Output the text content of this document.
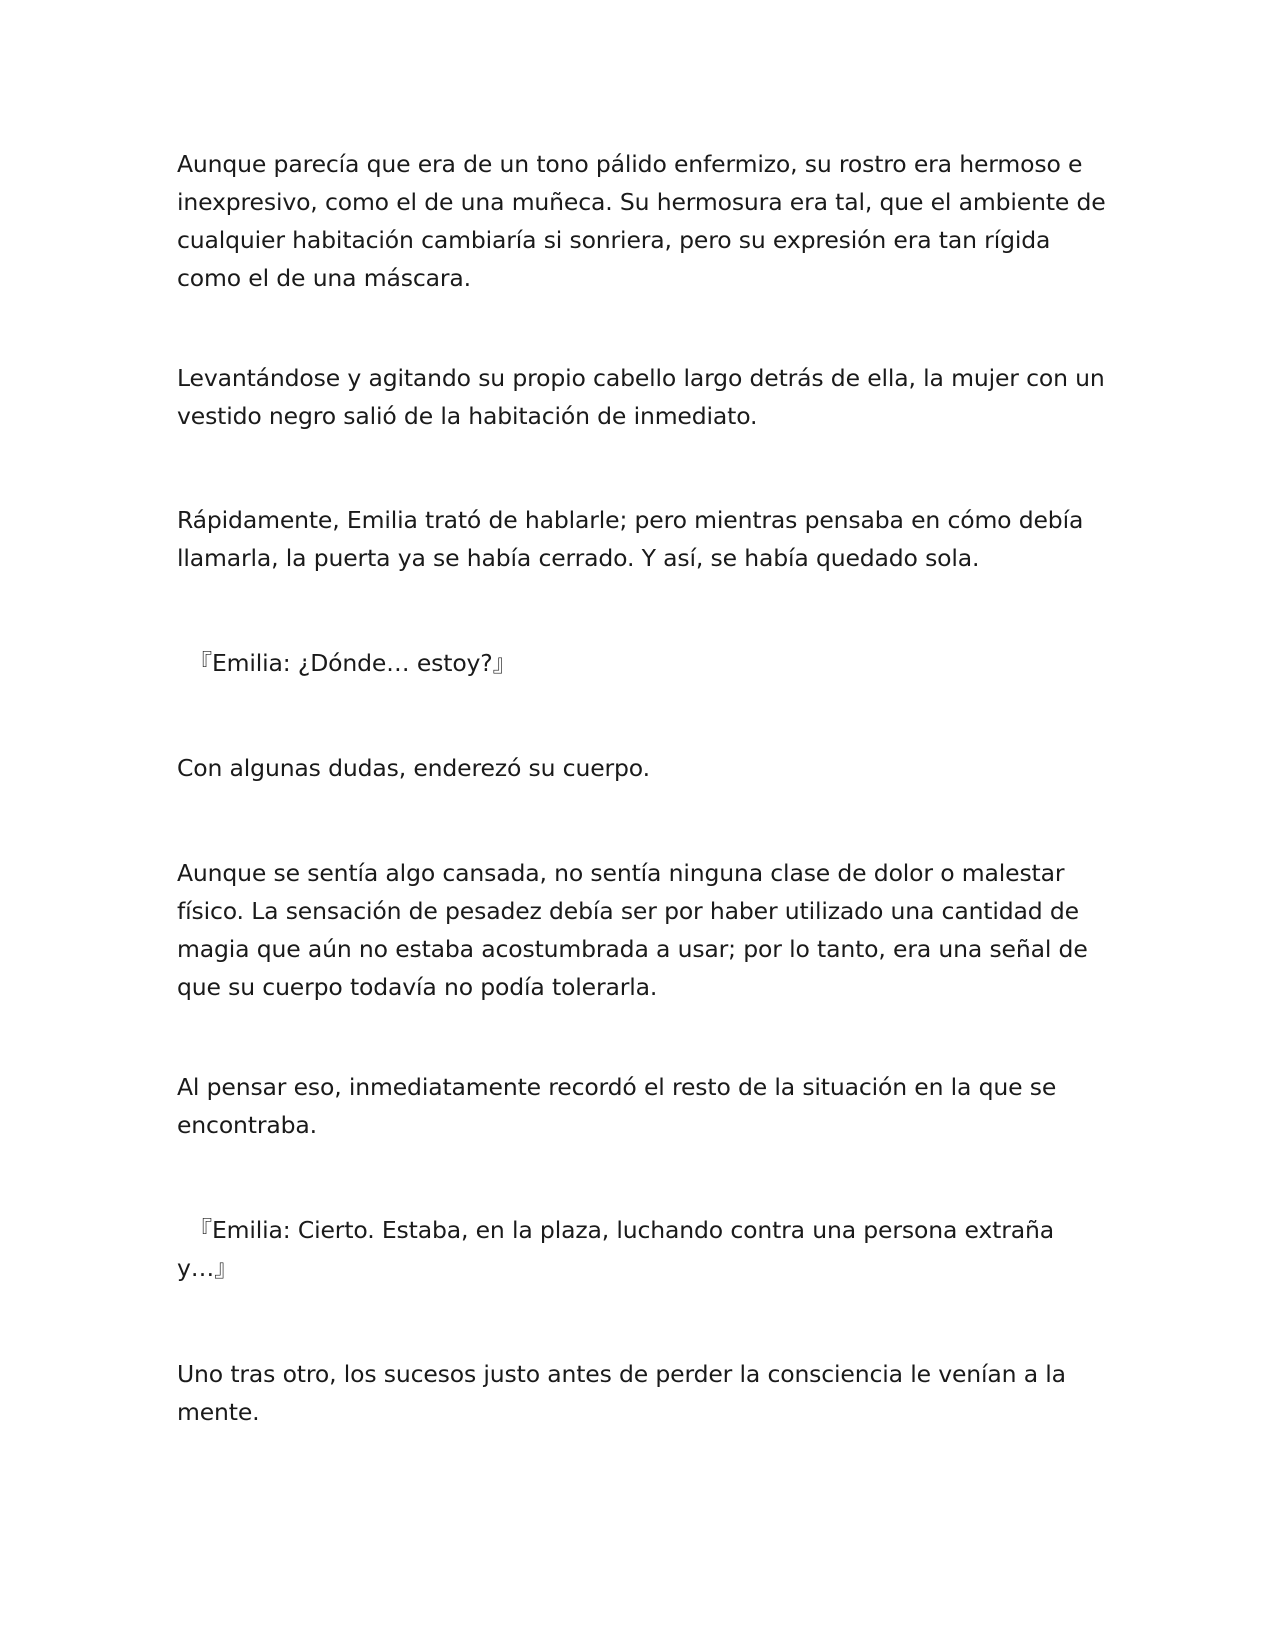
Aunque parecía que era de un tono pálido enfermizo, su rostro era hermoso e inexpresivo, como el de una muñeca. Su hermosura era tal, que el ambiente de cualquier habitación cambiaría si sonriera, pero su expresión era tan rígida como el de una máscara.

Levantándose y agitando su propio cabello largo detrás de ella, la mujer con un vestido negro salió de la habitación de inmediato.

Rápidamente, Emilia trató de hablarle; pero mientras pensaba en cómo debía llamarla, la puerta ya se había cerrado. Y así, se había quedado sola.

　『Emilia: ¿Dónde… estoy?』

Con algunas dudas, enderezó su cuerpo.

Aunque se sentía algo cansada, no sentía ninguna clase de dolor o malestar físico. La sensación de pesadez debía ser por haber utilizado una cantidad de magia que aún no estaba acostumbrada a usar; por lo tanto, era una señal de que su cuerpo todavía no podía tolerarla.

Al pensar eso, inmediatamente recordó el resto de la situación en la que se encontraba.

　『Emilia: Cierto. Estaba, en la plaza, luchando contra una persona extraña y…』

Uno tras otro, los sucesos justo antes de perder la consciencia le venían a la mente.
